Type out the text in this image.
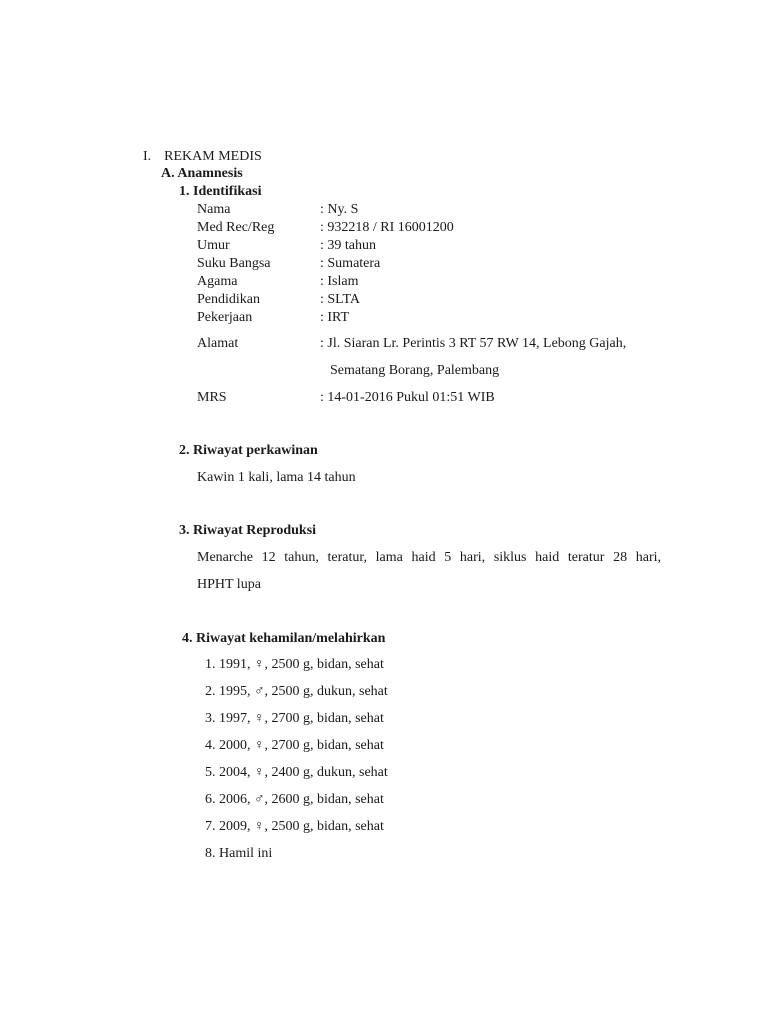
I. REKAM MEDIS
A. Anamnesis
1. Identifikasi
Nama	: Ny. S
Med Rec/Reg	: 932218 / RI 16001200
Umur	: 39 tahun
Suku Bangsa	: Sumatera
Agama	: Islam
Pendidikan	: SLTA
Pekerjaan	: IRT
Alamat	: Jl. Siaran Lr. Perintis 3 RT 57 RW 14, Lebong Gajah,
Sematang Borang, Palembang
MRS	: 14-01-2016 Pukul 01:51 WIB
2. Riwayat perkawinan
Kawin 1 kali, lama 14 tahun
3. Riwayat Reproduksi
Menarche 12 tahun, teratur, lama haid 5 hari, siklus haid teratur 28 hari,
HPHT lupa
4. Riwayat kehamilan/melahirkan
1. 1991, ♀, 2500 g, bidan, sehat
2. 1995, ♂, 2500 g, dukun, sehat
3. 1997, ♀, 2700 g, bidan, sehat
4. 2000, ♀, 2700 g, bidan, sehat
5. 2004, ♀, 2400 g, dukun, sehat
6. 2006, ♂, 2600 g, bidan, sehat
7. 2009, ♀, 2500 g, bidan, sehat
8. Hamil ini
